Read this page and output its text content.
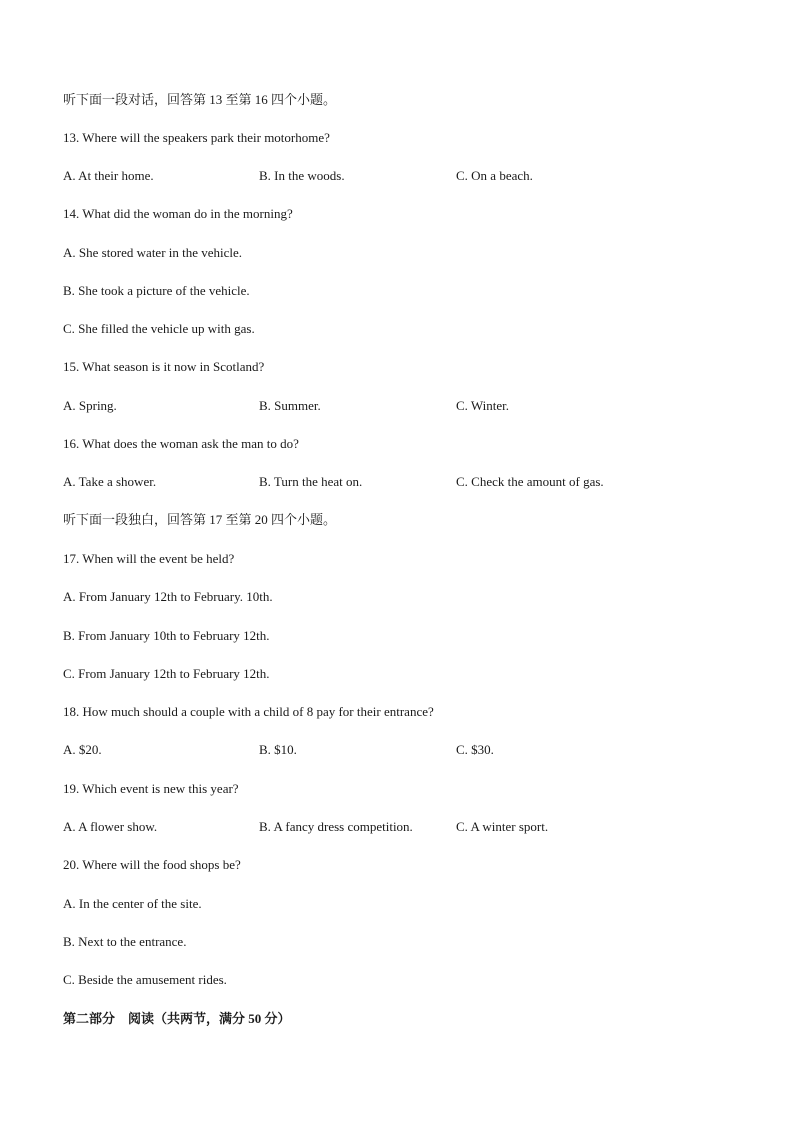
听下面一段对话，回答第 13 至第 16 四个小题。
13. Where will the speakers park their motorhome?
A. At their home.	B. In the woods.	C. On a beach.
14. What did the woman do in the morning?
A. She stored water in the vehicle.
B. She took a picture of the vehicle.
C. She filled the vehicle up with gas.
15. What season is it now in Scotland?
A. Spring.	B. Summer.	C. Winter.
16. What does the woman ask the man to do?
A. Take a shower.	B. Turn the heat on.	C. Check the amount of gas.
听下面一段独白，回答第 17 至第 20 四个小题。
17. When will the event be held?
A. From January 12th to February. 10th.
B. From January 10th to February 12th.
C. From January 12th to February 12th.
18. How much should a couple with a child of 8 pay for their entrance?
A. $20.	B. $10.	C. $30.
19. Which event is new this year?
A. A flower show.	B. A fancy dress competition.	C. A winter sport.
20. Where will the food shops be?
A. In the center of the site.
B. Next to the entrance.
C. Beside the amusement rides.
第二部分　阅读（共两节，满分 50 分）
